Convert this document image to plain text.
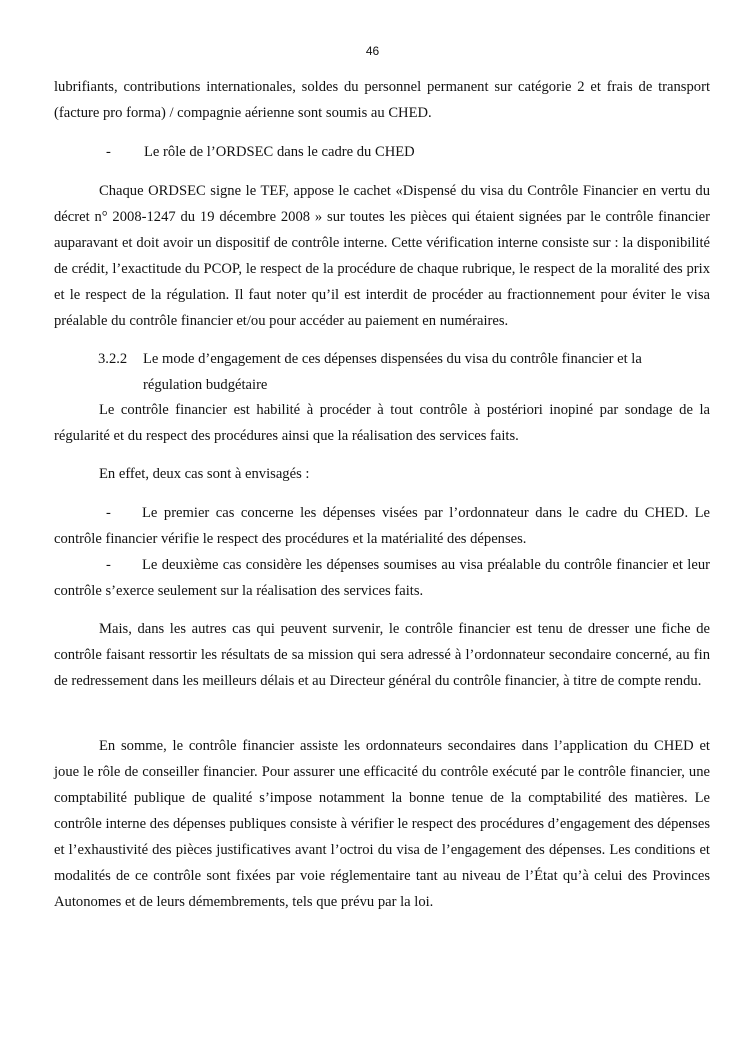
46

lubrifiants, contributions internationales, soldes du personnel permanent sur catégorie 2 et frais de transport (facture pro forma) / compagnie aérienne sont soumis au CHED.

- Le rôle de l’ORDSEC dans le cadre du CHED

Chaque ORDSEC signe le TEF, appose le cachet «Dispensé du visa du Contrôle Financier en vertu du décret n° 2008-1247 du 19 décembre 2008 » sur toutes les pièces qui étaient signées par le contrôle financier auparavant et doit avoir un dispositif de contrôle interne. Cette vérification interne consiste sur : la disponibilité de crédit, l’exactitude du PCOP, le respect de la procédure de chaque rubrique, le respect de la moralité des prix et le respect de la régulation. Il faut noter qu’il est interdit de procéder au fractionnement pour éviter le visa préalable du contrôle financier et/ou pour accéder au paiement en numéraires.

3.2.2 Le mode d’engagement de ces dépenses dispensées du visa du contrôle financier et la régulation budgétaire

Le contrôle financier est habilité à procéder à tout contrôle à postériori inopiné par sondage de la régularité et du respect des procédures ainsi que la réalisation des services faits.

En effet, deux cas sont à envisagés :

Le premier cas concerne les dépenses visées par l’ordonnateur dans le cadre du CHED. Le contrôle financier vérifie le respect des procédures et la matérialité des dépenses.

-

Le deuxième cas considère les dépenses soumises au visa préalable du contrôle financier et leur contrôle s’exerce seulement sur la réalisation des services faits.

-

Mais, dans les autres cas qui peuvent survenir, le contrôle financier est tenu de dresser une fiche de contrôle faisant ressortir les résultats de sa mission qui sera adressé à l’ordonnateur secondaire concerné, au fin de redressement dans les meilleurs délais et au Directeur général du contrôle financier, à titre de compte rendu.

En somme, le contrôle financier assiste les ordonnateurs secondaires dans l’application du CHED et joue le rôle de conseiller financier. Pour assurer une efficacité du contrôle exécuté par le contrôle financier, une comptabilité publique de qualité s’impose notamment la bonne tenue de la comptabilité des matières. Le contrôle interne des dépenses publiques consiste à vérifier le respect des procédures d’engagement des dépenses et l’exhaustivité des pièces justificatives avant l’octroi du visa de l’engagement des dépenses. Les conditions et modalités de ce contrôle sont fixées par voie réglementaire tant au niveau de l’État qu’à celui des Provinces Autonomes et de leurs démembrements, tels que prévu par la loi.
